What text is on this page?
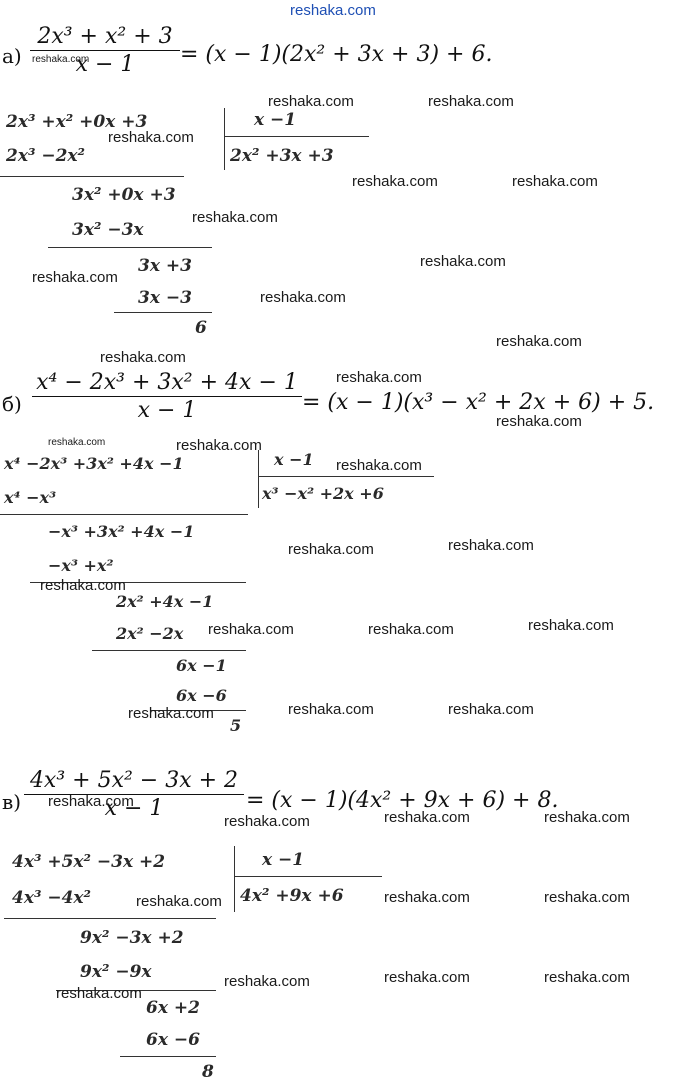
reshaka.com
а)
2x³ + x² + 3
x − 1	= (x − 1)(2x² + 3x + 3) + 6.
2x³ +x² +0x +3
2x³ −2x²
x −1
2x² +3x +3
3x² +0x +3
3x² −3x
3x +3
3x −3
6
б)
x⁴ − 2x³ + 3x² + 4x − 1
x − 1	= (x − 1)(x³ − x² + 2x + 6) + 5.
x⁴ −2x³ +3x² +4x −1
x⁴ −x³
x −1
x³ −x² +2x +6
−x³ +3x² +4x −1
−x³ +x²
2x² +4x −1
2x² −2x
6x −1
6x −6
5
в)
4x³ + 5x² − 3x + 2
x − 1	= (x − 1)(4x² + 9x + 6) + 8.
4x³ +5x² −3x +2
4x³ −4x²
x −1
4x² +9x +6
9x² −3x +2
9x² −9x
6x +2
6x −6
8
reshaka.com
reshaka.com	reshaka.com
reshaka.com
reshaka.com	reshaka.com
reshaka.com
reshaka.com
reshaka.com
reshaka.com
reshaka.com
reshaka.com
reshaka.com
reshaka.com
reshaka.com	reshaka.com
reshaka.com
reshaka.com
reshaka.com
reshaka.com
reshaka.com
reshaka.com	reshaka.com
reshaka.com	reshaka.com
reshaka.com
reshaka.com
reshaka.com	reshaka.com
reshaka.com
reshaka.com	reshaka.com
reshaka.com
reshaka.com	reshaka.com
reshaka.com
reshaka.com
